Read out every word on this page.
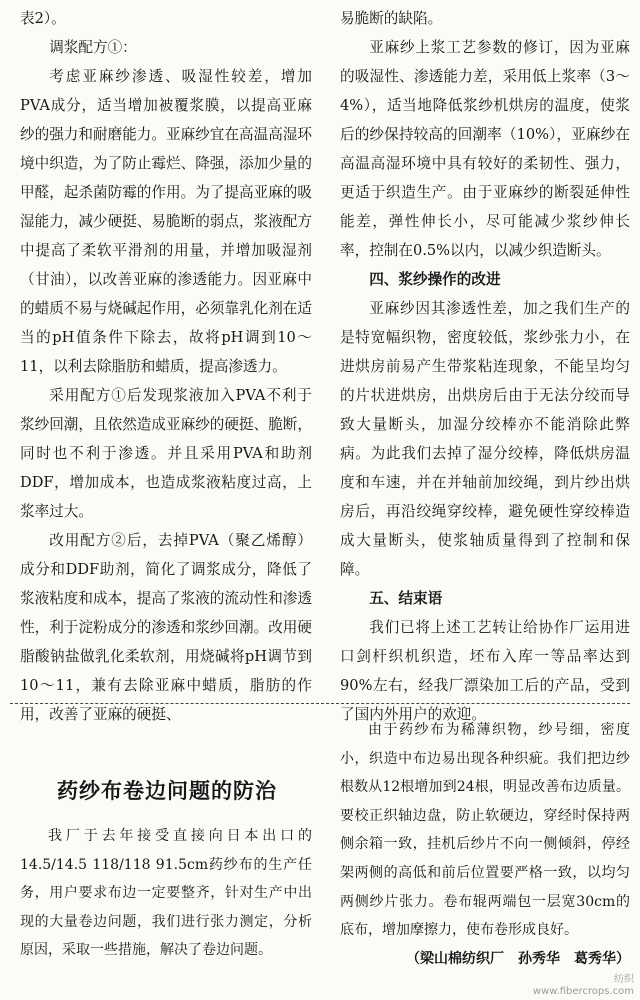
表2）。

调浆配方①：

考虑亚麻纱渗透、吸湿性较差，增加PVA成分，适当增加被覆浆膜，以提高亚麻纱的强力和耐磨能力。亚麻纱宜在高温高湿环境中织造，为了防止霉烂、降强，添加少量的甲醛，起杀菌防霉的作用。为了提高亚麻的吸湿能力，减少硬挺、易脆断的弱点，浆液配方中提高了柔软平滑剂的用量，并增加吸湿剂（甘油），以改善亚麻的渗透能力。因亚麻中的蜡质不易与烧碱起作用，必须靠乳化剂在适当的pH值条件下除去，故将pH调到10～11，以利去除脂肪和蜡质，提高渗透力。

采用配方①后发现浆液加入PVA不利于浆纱回潮，且依然造成亚麻纱的硬挺、脆断，同时也不利于渗透。并且采用PVA和助剂DDF，增加成本，也造成浆液粘度过高，上浆率过大。

改用配方②后，去掉PVA（聚乙烯醇）成分和DDF助剂，简化了调浆成分，降低了浆液粘度和成本，提高了浆液的流动性和渗透性，利于淀粉成分的渗透和浆纱回潮。改用硬脂酸钠盐做乳化柔软剂，用烧碱将pH调节到10～11，兼有去除亚麻中蜡质，脂肪的作用，改善了亚麻的硬挺、

易脆断的缺陷。

亚麻纱上浆工艺参数的修订，因为亚麻的吸湿性、渗透能力差，采用低上浆率（3～4%），适当地降低浆纱机烘房的温度，使浆后的纱保持较高的回潮率（10%），亚麻纱在高温高湿环境中具有较好的柔韧性、强力，更适于织造生产。由于亚麻纱的断裂延伸性能差，弹性伸长小，尽可能减少浆纱伸长率，控制在0.5%以内，以减少织造断头。

四、浆纱操作的改进

亚麻纱因其渗透性差，加之我们生产的是特宽幅织物，密度较低，浆纱张力小，在进烘房前易产生带浆粘连现象，不能呈均匀的片状进烘房，出烘房后由于无法分绞而导致大量断头，加湿分绞棒亦不能消除此弊病。为此我们去掉了湿分绞棒，降低烘房温度和车速，并在并轴前加绞绳，到片纱出烘房后，再沿绞绳穿绞棒，避免硬性穿绞棒造成大量断头，使浆轴质量得到了控制和保障。

五、结束语

我们已将上述工艺转让给协作厂运用进口剑杆织机织造，坯布入库一等品率达到90%左右，经我厂漂染加工后的产品，受到了国内外用户的欢迎。

药纱布卷边问题的防治

我厂于去年接受直接向日本出口的14.5/14.5 118/118 91.5cm药纱布的生产任务，用户要求布边一定要整齐，针对生产中出现的大量卷边问题，我们进行张力测定，分析原因，采取一些措施，解决了卷边问题。

由于药纱布为稀薄织物，纱号细，密度小，织造中布边易出现各种织疵。我们把边纱根数从12根增加到24根，明显改善布边质量。要校正织轴边盘，防止软硬边，穿经时保持两侧余箱一致，挂机后纱片不向一侧倾斜，停经架两侧的高低和前后位置要严格一致，以均匀两侧纱片张力。卷布辊两端包一层宽30cm的底布，增加摩擦力，使布卷形成良好。

（梁山棉纺织厂　孙秀华　葛秀华）

纺织
www.fibercrops.com
